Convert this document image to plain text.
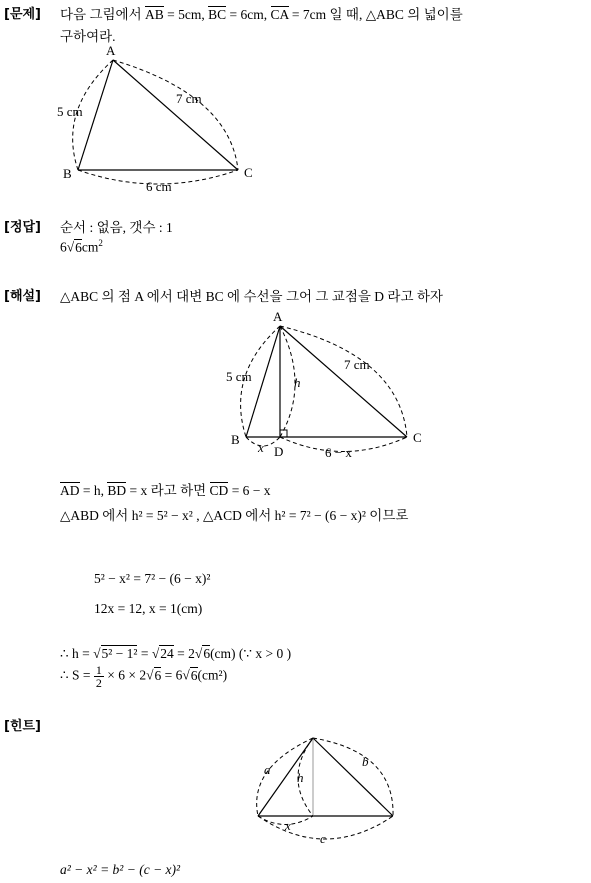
[문제] 다음 그림에서 AB = 5cm, BC = 6cm, CA = 7cm 일 때, △ABC 의 넓이를
구하여라.
A
B	C
5 cm
7 cm
6 cm
[정답] 순서 : 없음, 갯수 : 1
$6√6cm^2$
[해설] △ABC 의 점 A 에서 대변 BC 에 수선을 그어 그 교점을 D 라고 하자
A
B	C
D
5 cm
7 cm
h
x	6 − x
AD = h, BD = x 라고 하면 CD = 6 − x
△ABD 에서 h² = 5² − x² , △ACD 에서 h² = 7² − (6 − x)² 이므로
5² − x² = 7² − (6 − x)²
12x = 12, x = 1(cm)
∴ h = √5² − 1² = √24 = 2√6(cm) (∵ x > 0 )
∴ $S = \frac{1}{2} \times 6 \times 2√6 = 6√6(cm^2)$
[힌트]
a
b
h
x
c
a² − x² = b² − (c − x)²
